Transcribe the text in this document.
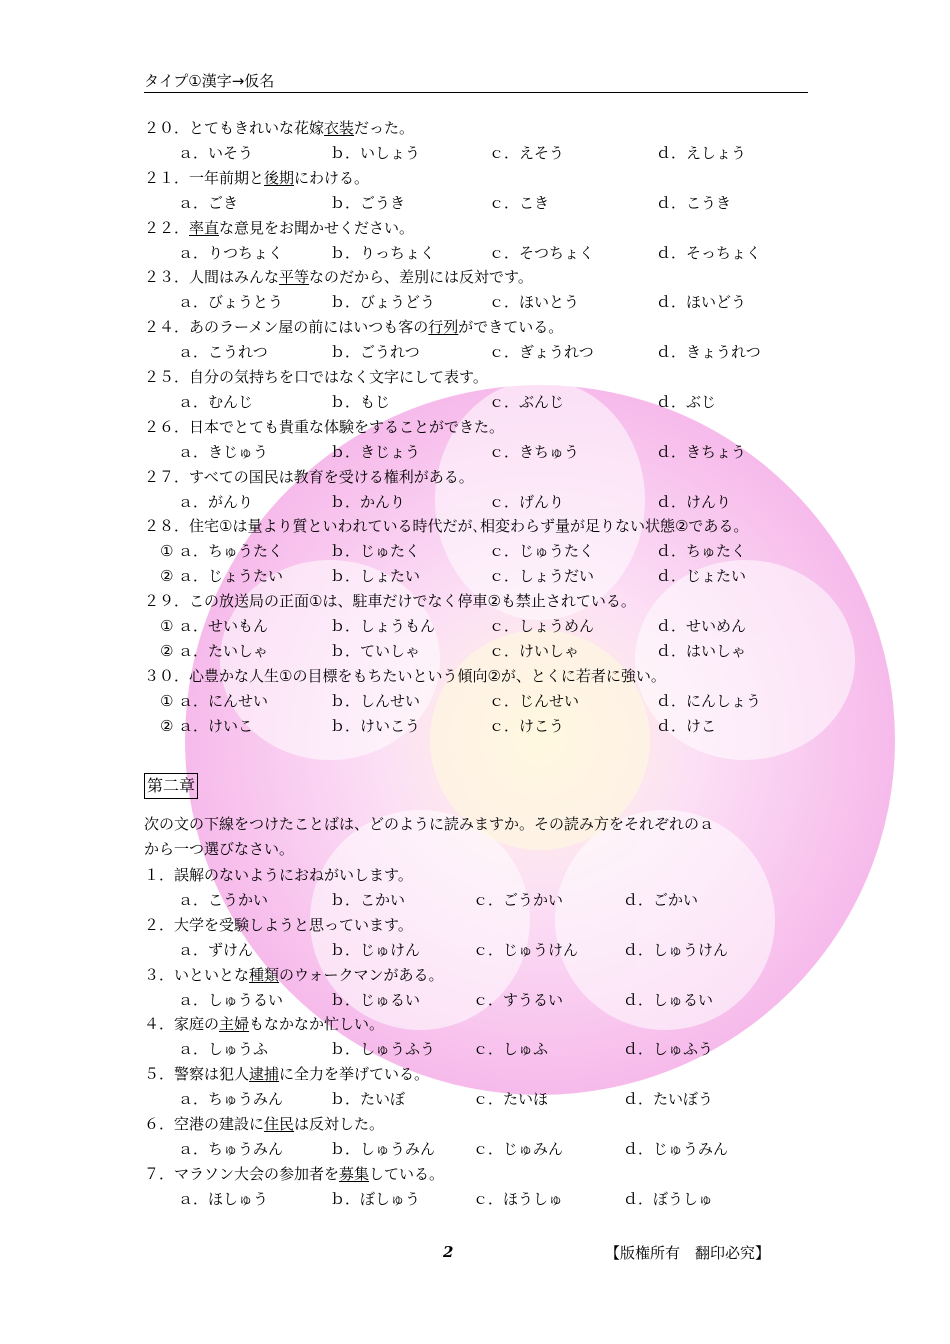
タイプ①漢字→仮名
２０．とてもきれいな花嫁衣装だった。
ａ．いそう	ｂ．いしょう	ｃ．えそう	ｄ．えしょう
２１．一年前期と後期にわける。
ａ．ごき	ｂ．ごうき	ｃ．こき	ｄ．こうき
２２．率直な意見をお聞かせください。
ａ．りつちょく	ｂ．りっちょく	ｃ．そつちょく	ｄ．そっちょく
２３．人間はみんな平等なのだから、差別には反対です。
ａ．びょうとう	ｂ．びょうどう	ｃ．ほいとう	ｄ．ほいどう
２４．あのラーメン屋の前にはいつも客の行列ができている。
ａ．こうれつ	ｂ．ごうれつ	ｃ．ぎょうれつ	ｄ．きょうれつ
２５．自分の気持ちを口ではなく文字にして表す。
ａ．むんじ	ｂ．もじ	ｃ．ぶんじ	ｄ．ぶじ
２６．日本でとても貴重な体験をすることができた。
ａ．きじゅう	ｂ．きじょう	ｃ．きちゅう	ｄ．きちょう
２７．すべての国民は教育を受ける権利がある。
ａ．がんり	ｂ．かんり	ｃ．げんり	ｄ．けんり
２８．住宅①は量より質といわれている時代だが､相変わらず量が足りない状態②である。
① ａ．ちゅうたく	ｂ．じゅたく	ｃ．じゅうたく	ｄ．ちゅたく
② ａ．じょうたい	ｂ．しょたい	ｃ．しょうだい	ｄ．じょたい
２９．この放送局の正面①は、駐車だけでなく停車②も禁止されている。
① ａ．せいもん	ｂ．しょうもん	ｃ．しょうめん	ｄ．せいめん
② ａ．たいしゃ	ｂ．ていしゃ	ｃ．けいしゃ	ｄ．はいしゃ
３０．心豊かな人生①の目標をもちたいという傾向②が、とくに若者に強い。
① ａ．にんせい	ｂ．しんせい	ｃ．じんせい	ｄ．にんしょう
② ａ．けいこ	ｂ．けいこう	ｃ．けこう	ｄ．けこ
第二章
次の文の下線をつけたことばは、どのように読みますか。その読み方をそれぞれのａ
から一つ選びなさい。
１．誤解のないようにおねがいします。
ａ．こうかい	ｂ．こかい	ｃ．ごうかい	ｄ．ごかい
２．大学を受験しようと思っています。
ａ．ずけん	ｂ．じゅけん	ｃ．じゅうけん	ｄ．しゅうけん
３．いといとな種類のウォークマンがある。
ａ．しゅうるい	ｂ．じゅるい	ｃ．すうるい	ｄ．しゅるい
４．家庭の主婦もなかなか忙しい。
ａ．しゅうふ	ｂ．しゅうふう	ｃ．しゅふ	ｄ．しゅふう
５．警察は犯人逮捕に全力を挙げている。
ａ．ちゅうみん	ｂ．たいぼ	ｃ．たいほ	ｄ．たいぼう
６．空港の建設に住民は反対した。
ａ．ちゅうみん	ｂ．しゅうみん	ｃ．じゅみん	ｄ．じゅうみん
７．マラソン大会の参加者を募集している。
ａ．ほしゅう	ｂ．ぼしゅう	ｃ．ほうしゅ	ｄ．ぼうしゅ
2	【版権所有　翻印必究】
